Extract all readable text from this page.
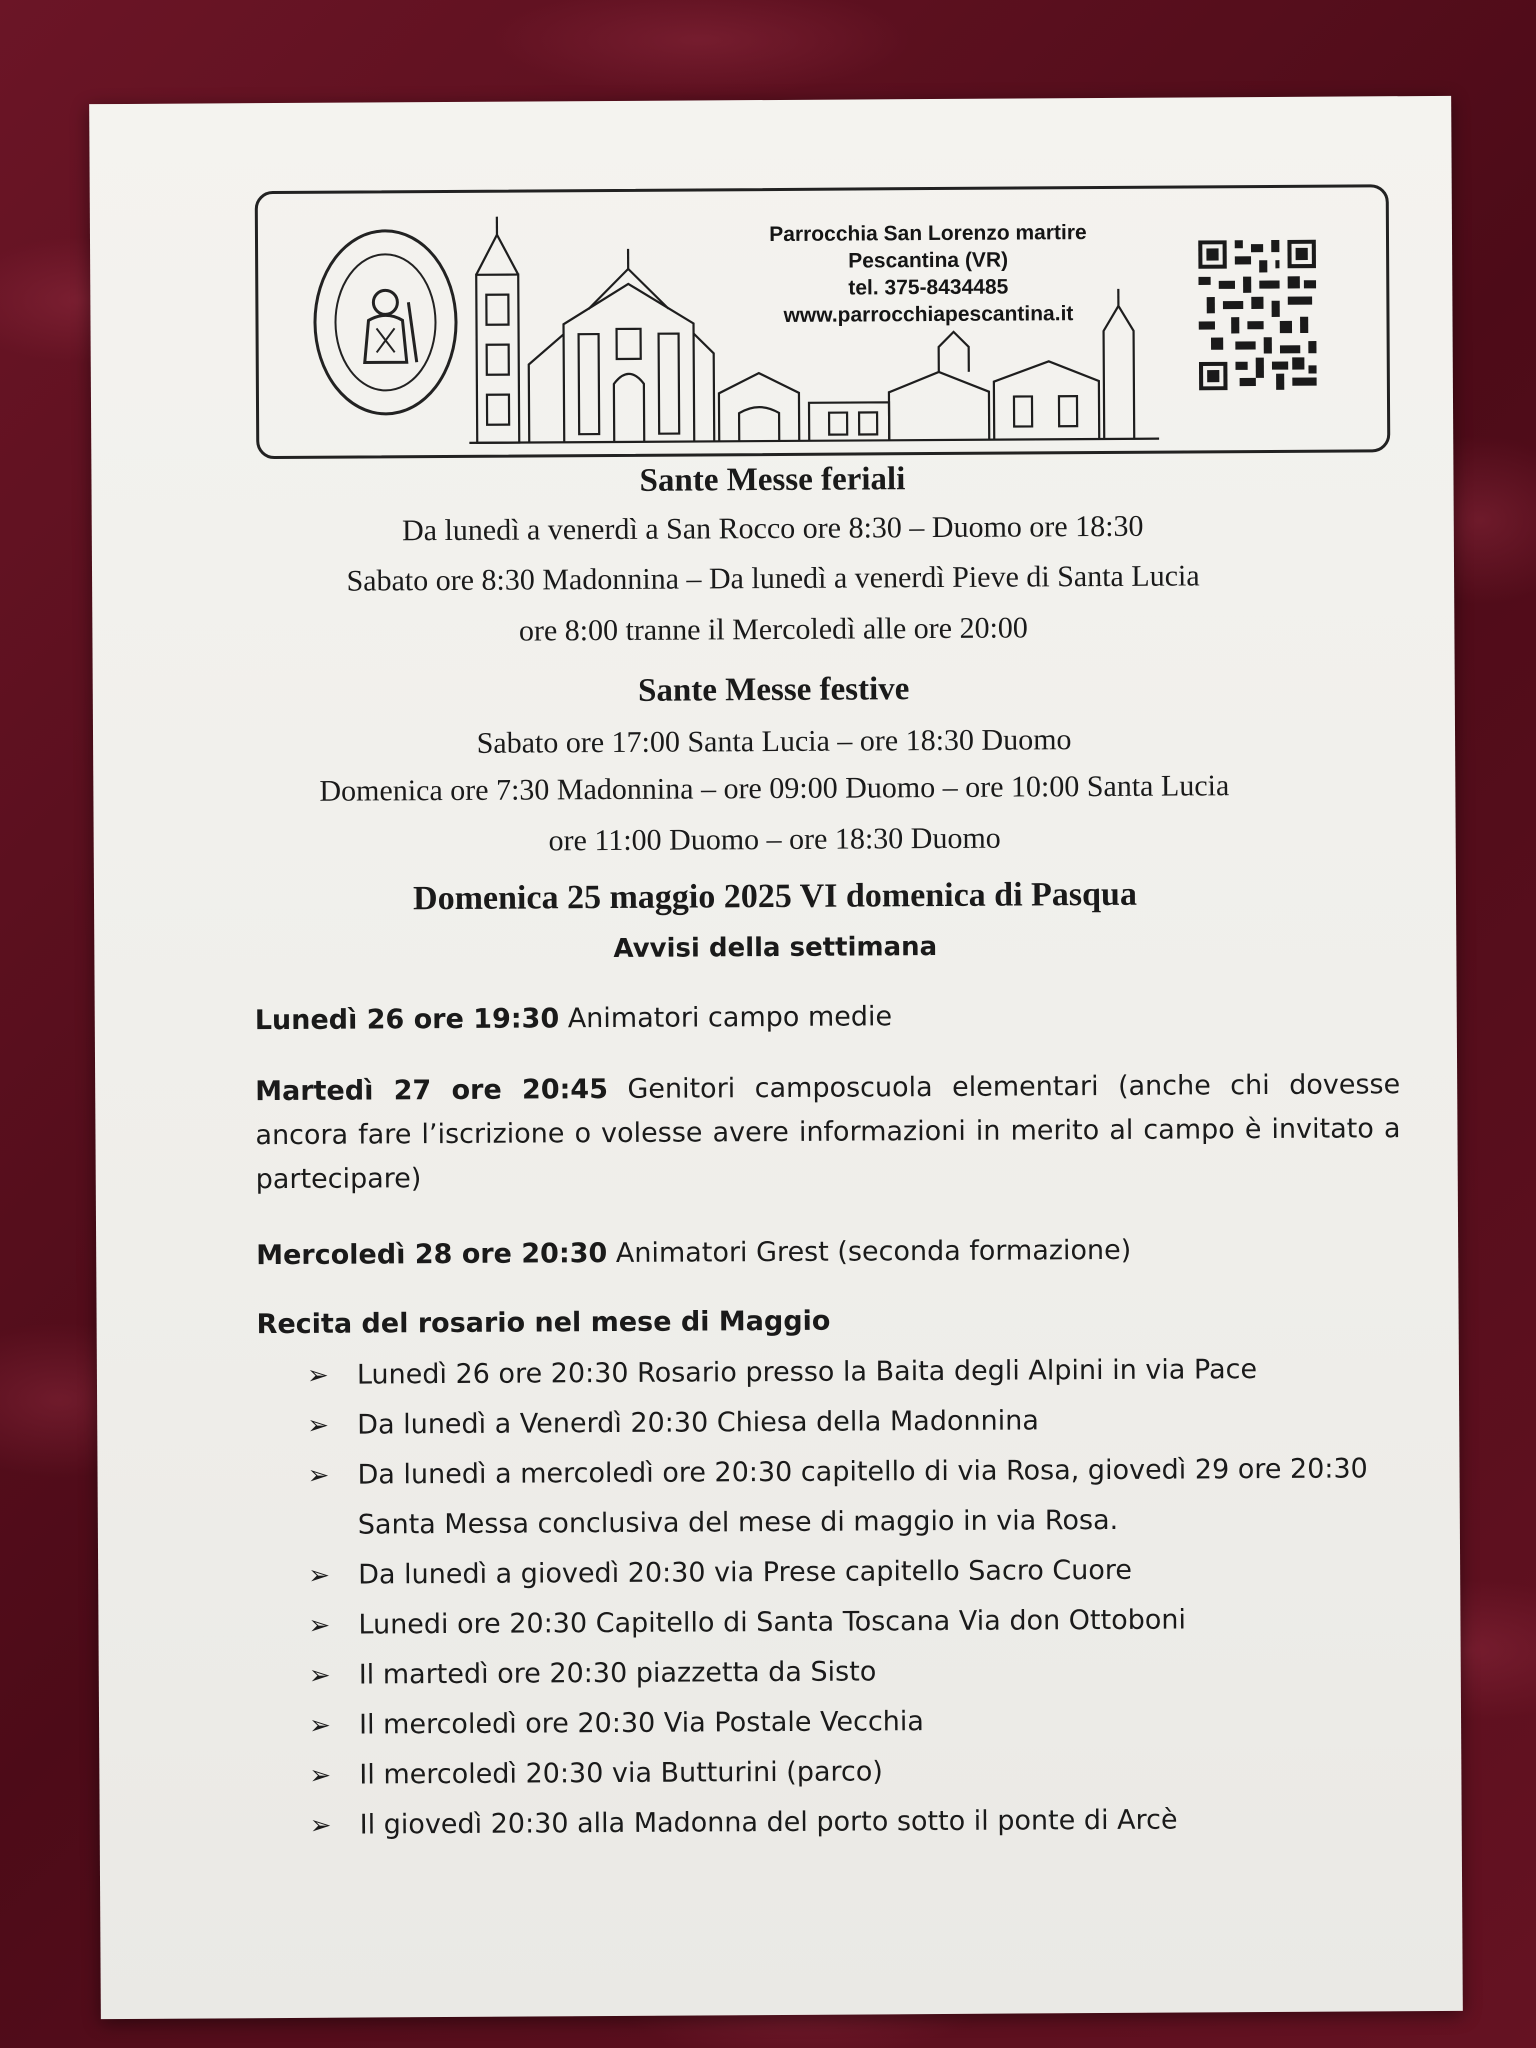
Parrocchia San Lorenzo martire
Pescantina (VR)
tel. 375-8434485
www.parrocchiapescantina.it
Sante Messe feriali
Da lunedì a venerdì a San Rocco ore 8:30 – Duomo ore 18:30
Sabato ore 8:30 Madonnina – Da lunedì a venerdì Pieve di Santa Lucia
ore 8:00 tranne il Mercoledì alle ore 20:00
Sante Messe festive
Sabato ore 17:00 Santa Lucia – ore 18:30 Duomo
Domenica ore 7:30 Madonnina – ore 09:00 Duomo – ore 10:00 Santa Lucia
ore 11:00 Duomo – ore 18:30 Duomo
Domenica 25 maggio 2025 VI domenica di Pasqua
Avvisi della settimana
Lunedì 26 ore 19:30 Animatori campo medie
Martedì 27 ore 20:45 Genitori camposcuola elementari (anche chi dovesse ancora fare l’iscrizione o volesse avere informazioni in merito al campo è invitato a partecipare)
Mercoledì 28 ore 20:30 Animatori Grest (seconda formazione)
Recita del rosario nel mese di Maggio
➢ Lunedì 26 ore 20:30 Rosario presso la Baita degli Alpini in via Pace
➢ Da lunedì a Venerdì 20:30 Chiesa della Madonnina
➢ Da lunedì a mercoledì ore 20:30 capitello di via Rosa, giovedì 29 ore 20:30
Santa Messa conclusiva del mese di maggio in via Rosa.
➢ Da lunedì a giovedì 20:30 via Prese capitello Sacro Cuore
➢ Lunedi ore 20:30 Capitello di Santa Toscana Via don Ottoboni
➢ Il martedì ore 20:30 piazzetta da Sisto
➢ Il mercoledì ore 20:30 Via Postale Vecchia
➢ Il mercoledì 20:30 via Butturini (parco)
➢ Il giovedì 20:30 alla Madonna del porto sotto il ponte di Arcè
